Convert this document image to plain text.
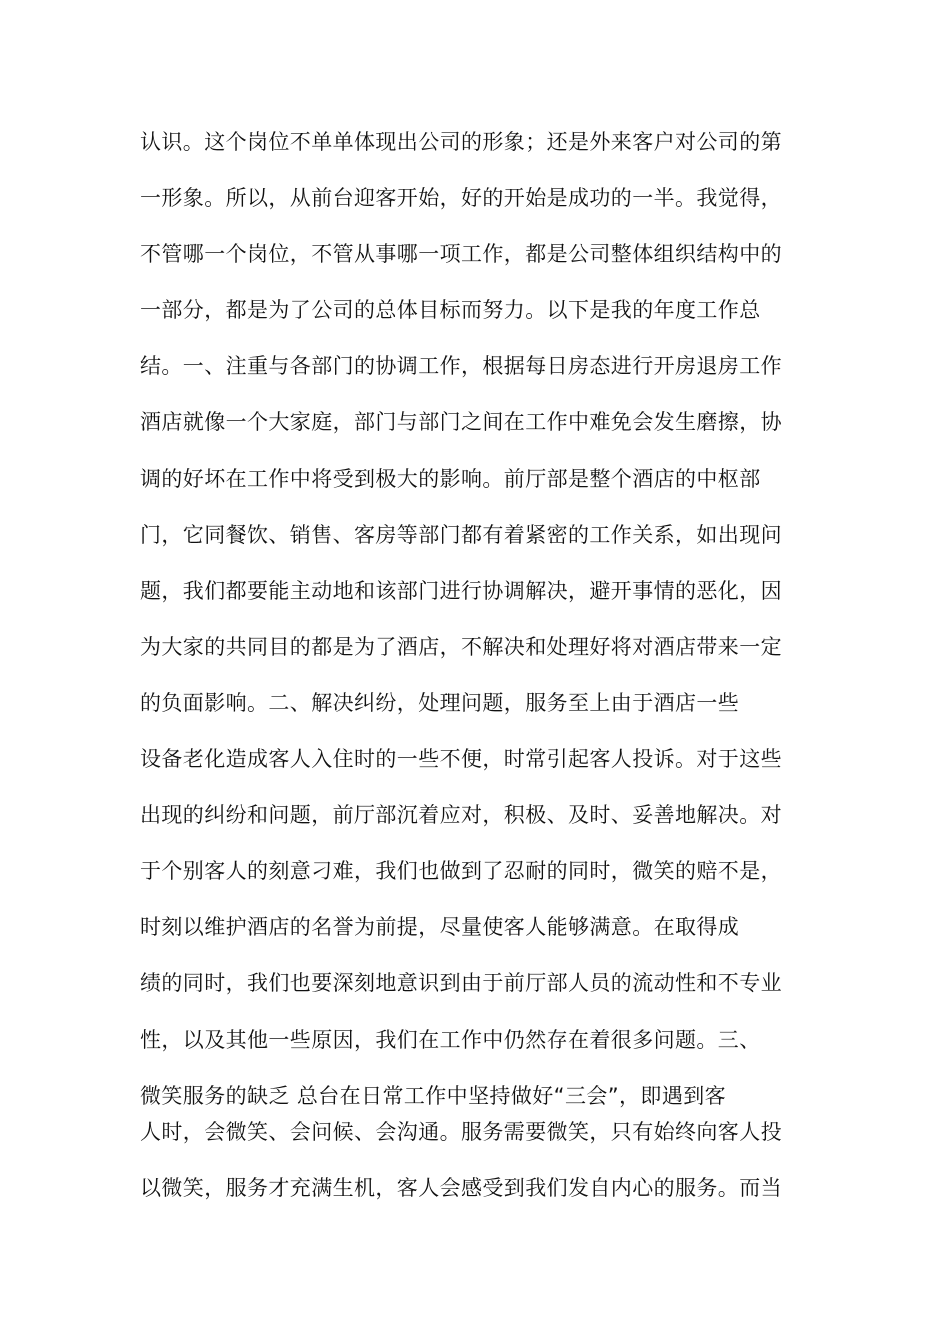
认识。这个岗位不单单体现出公司的形象；还是外来客户对公司的第
一形象。所以，从前台迎客开始，好的开始是成功的一半。我觉得，
不管哪一个岗位，不管从事哪一项工作，都是公司整体组织结构中的
一部分，都是为了公司的总体目标而努力。以下是我的年度工作总
结。一、注重与各部门的协调工作，根据每日房态进行开房退房工作
酒店就像一个大家庭，部门与部门之间在工作中难免会发生磨擦，协
调的好坏在工作中将受到极大的影响。前厅部是整个酒店的中枢部
门，它同餐饮、销售、客房等部门都有着紧密的工作关系，如出现问
题，我们都要能主动地和该部门进行协调解决，避开事情的恶化，因
为大家的共同目的都是为了酒店，不解决和处理好将对酒店带来一定
的负面影响。二、解决纠纷，处理问题，服务至上由于酒店一些
设备老化造成客人入住时的一些不便，时常引起客人投诉。对于这些
出现的纠纷和问题，前厅部沉着应对，积极、及时、妥善地解决。对
于个别客人的刻意刁难，我们也做到了忍耐的同时，微笑的赔不是，
时刻以维护酒店的名誉为前提，尽量使客人能够满意。在取得成
绩的同时，我们也要深刻地意识到由于前厅部人员的流动性和不专业
性，以及其他一些原因，我们在工作中仍然存在着很多问题。三、
微笑服务的缺乏 总台在日常工作中坚持做好“三会”，即遇到客
人时，会微笑、会问候、会沟通。服务需要微笑，只有始终向客人投
以微笑，服务才充满生机，客人会感受到我们发自内心的服务。而当
